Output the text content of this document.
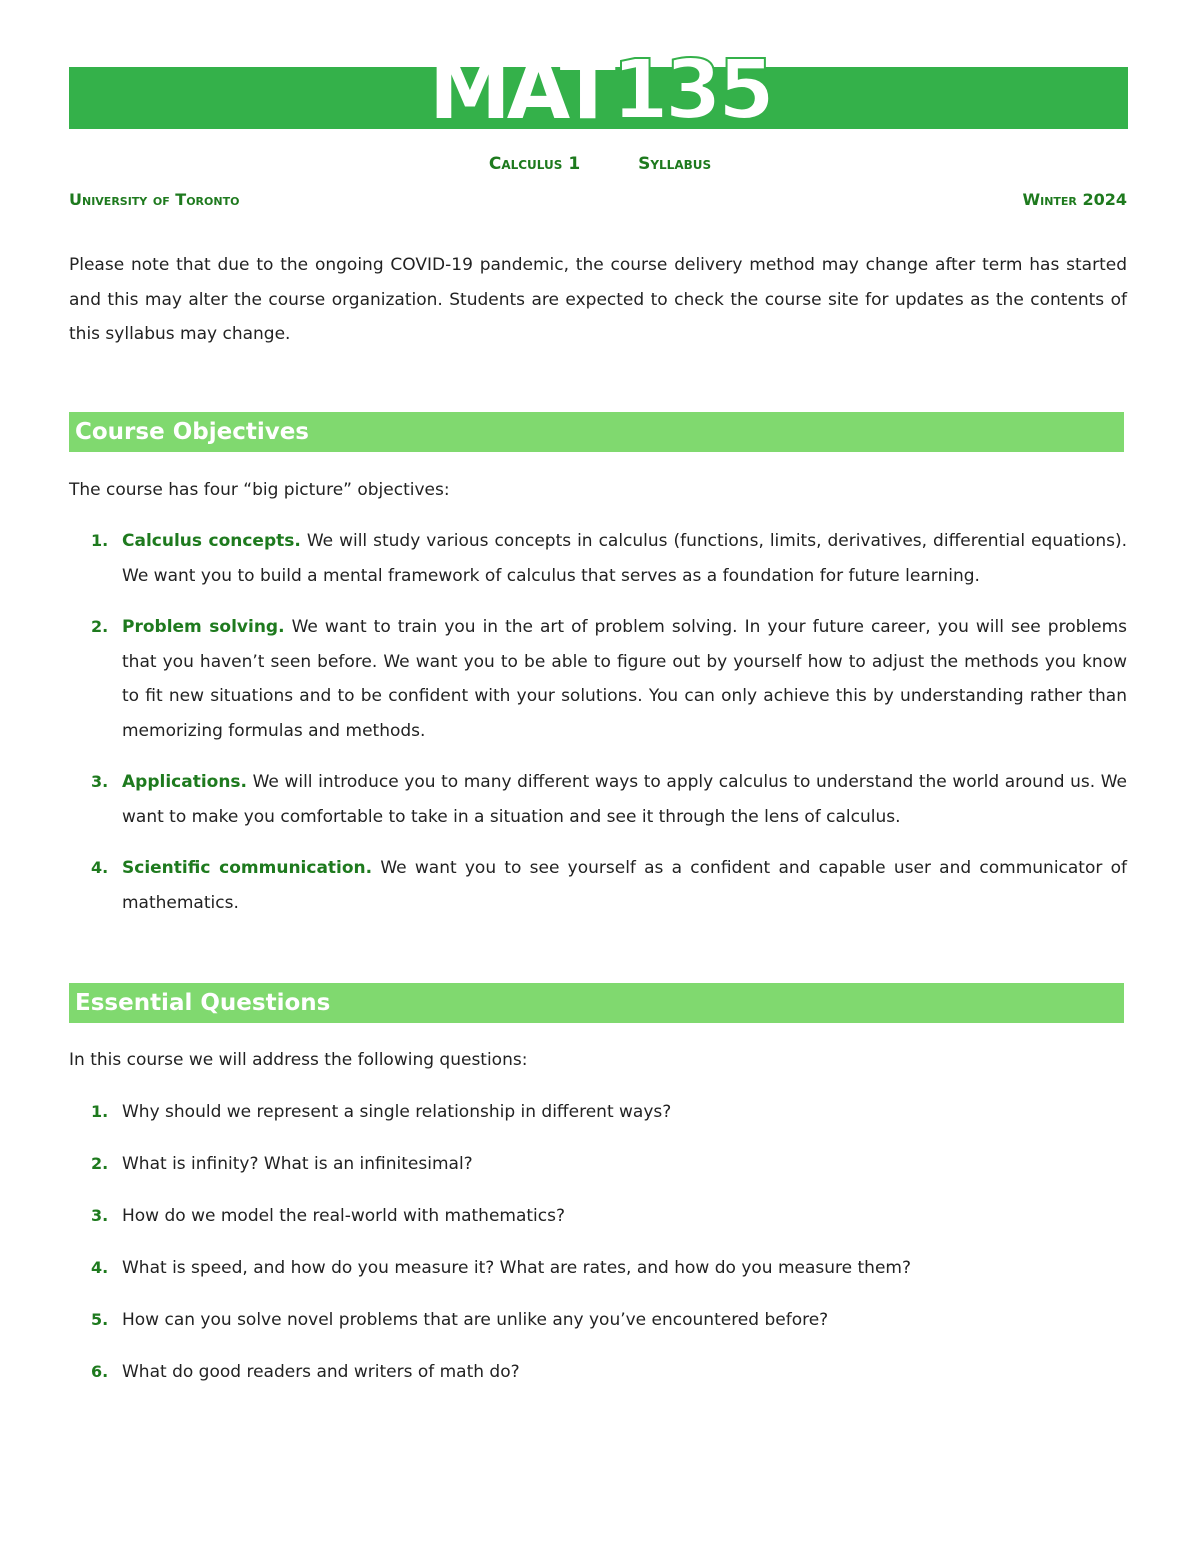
MAT135
Calculus 1	Syllabus
University of Toronto	Winter 2024

Please note that due to the ongoing COVID-19 pandemic, the course delivery method may change after term has started and this may alter the course organization. Students are expected to check the course site for updates as the contents of this syllabus may change.

Course Objectives

The course has four “big picture” objectives:

1. Calculus concepts. We will study various concepts in calculus (functions, limits, derivatives, differential equations). We want you to build a mental framework of calculus that serves as a foundation for future learning.
2. Problem solving. We want to train you in the art of problem solving. In your future career, you will see problems that you haven’t seen before. We want you to be able to figure out by yourself how to adjust the methods you know to fit new situations and to be confident with your solutions. You can only achieve this by understanding rather than memorizing formulas and methods.
3. Applications. We will introduce you to many different ways to apply calculus to understand the world around us. We want to make you comfortable to take in a situation and see it through the lens of calculus.
4. Scientific communication. We want you to see yourself as a confident and capable user and communicator of mathematics.
Essential Questions

In this course we will address the following questions:

1. Why should we represent a single relationship in different ways?
2. What is infinity? What is an infinitesimal?
3. How do we model the real-world with mathematics?
4. What is speed, and how do you measure it? What are rates, and how do you measure them?
5. How can you solve novel problems that are unlike any you’ve encountered before?
6. What do good readers and writers of math do?
